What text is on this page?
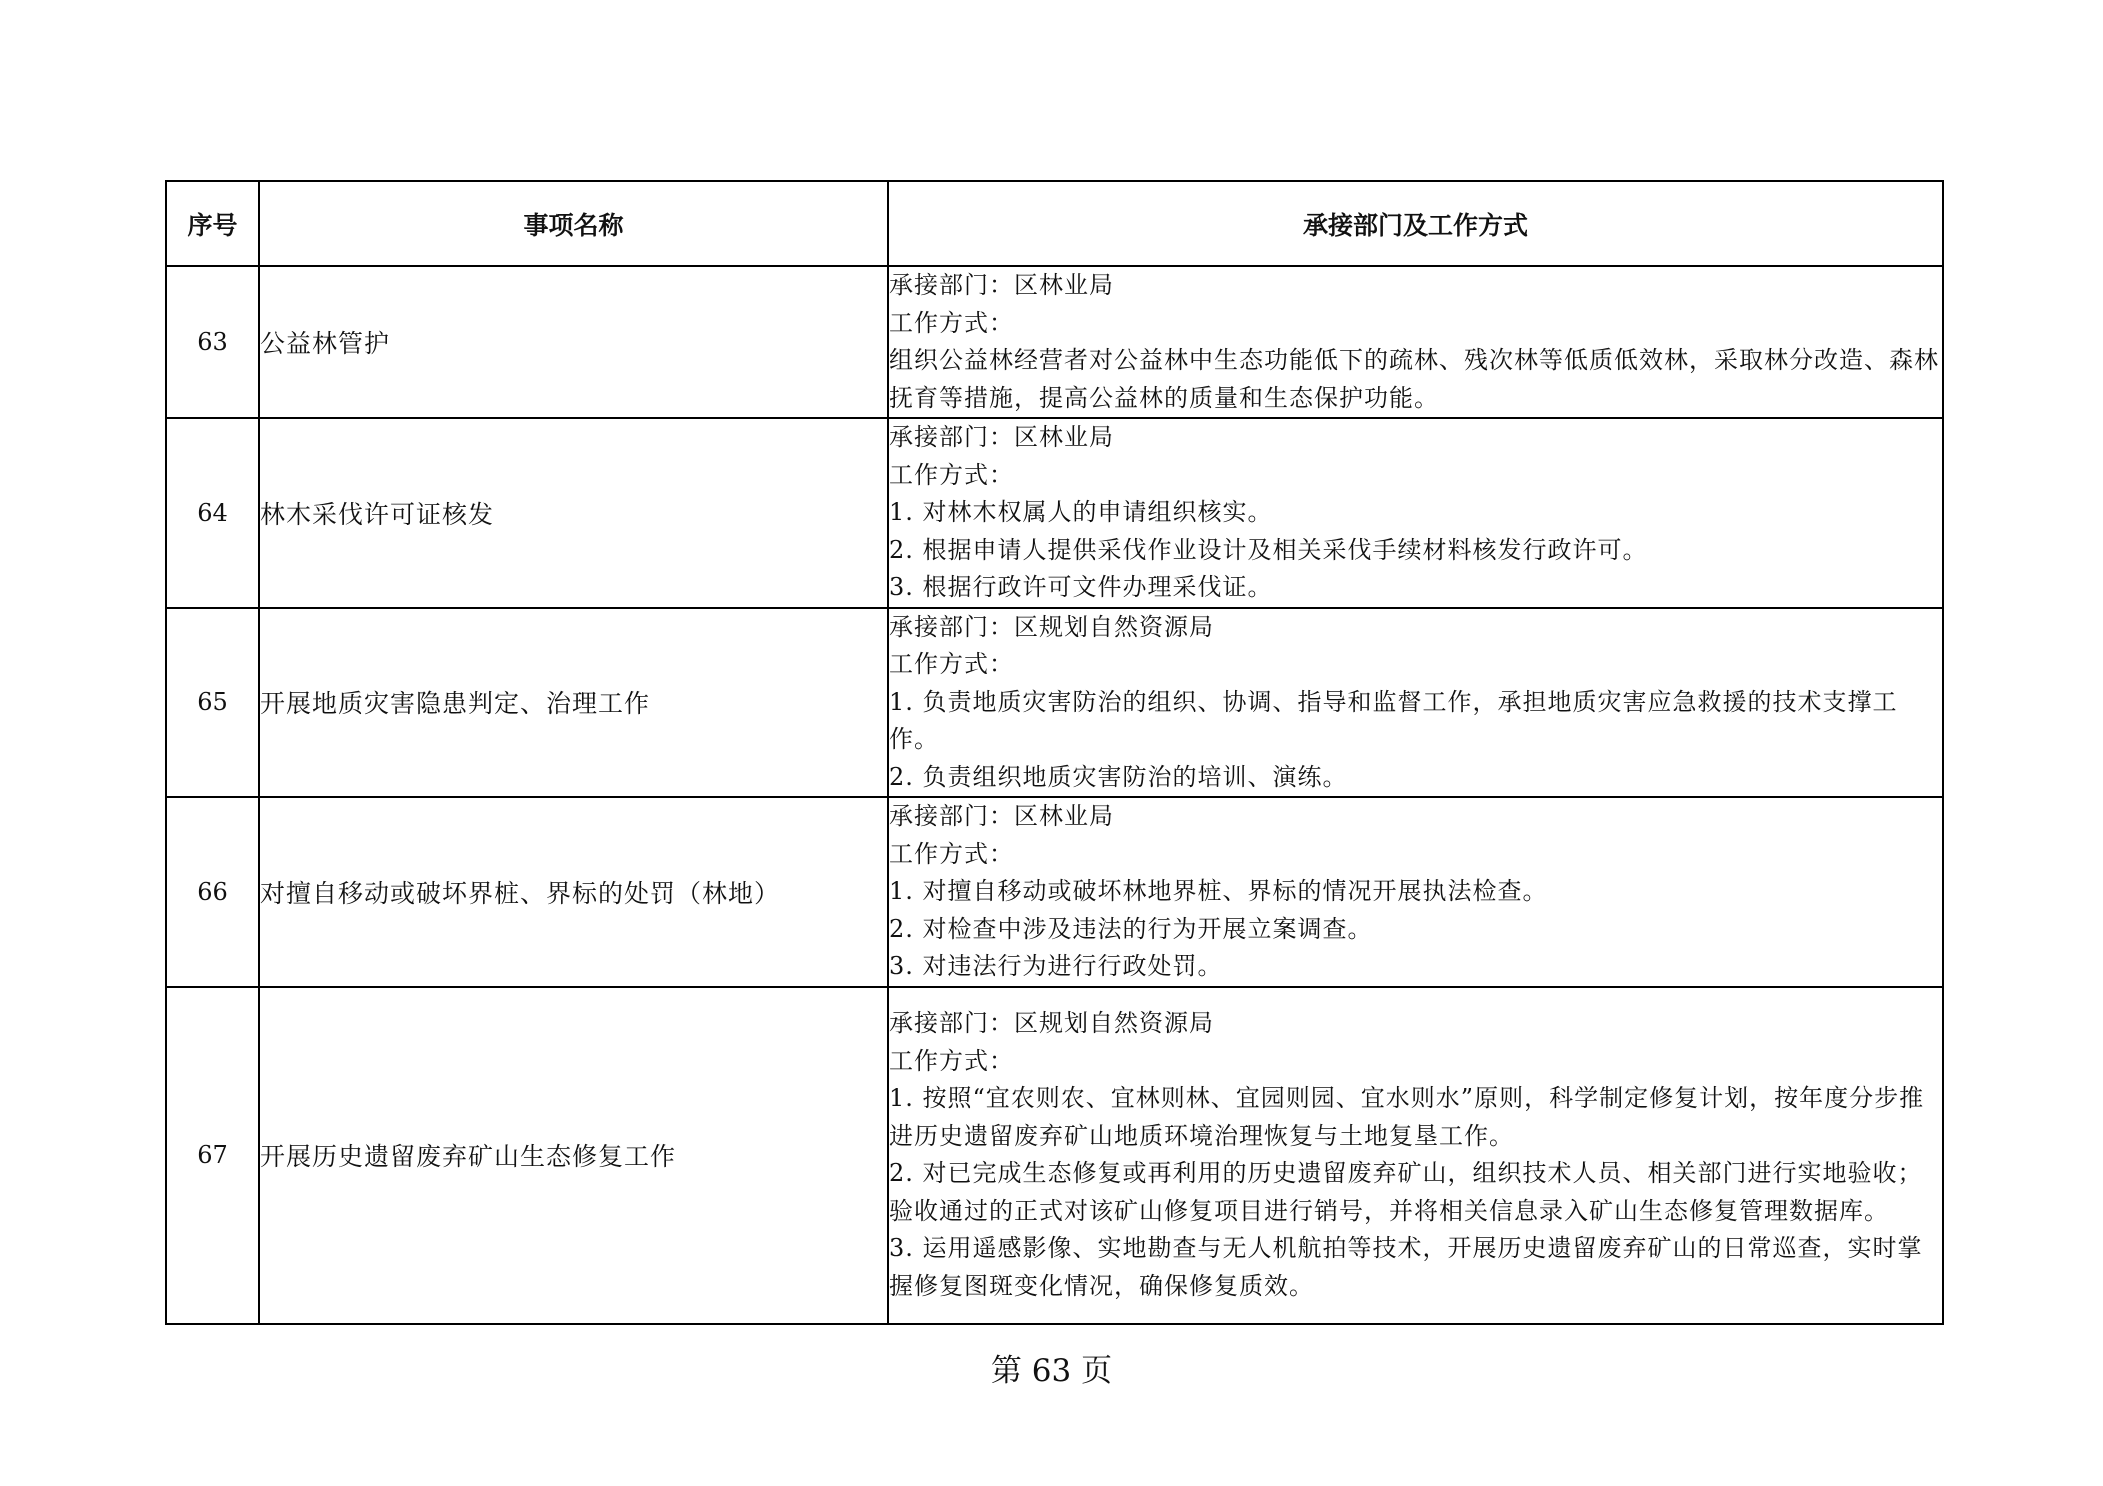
序号	事项名称	承接部门及工作方式
63	公益林管护	承接部门：区林业局
工作方式：
组织公益林经营者对公益林中生态功能低下的疏林、残次林等低质低效林，采取林分改造、森林抚育等措施，提高公益林的质量和生态保护功能。

64	林木采伐许可证核发	承接部门：区林业局
工作方式：
1. 对林木权属人的申请组织核实。
2. 根据申请人提供采伐作业设计及相关采伐手续材料核发行政许可。
3. 根据行政许可文件办理采伐证。

65	开展地质灾害隐患判定、治理工作	承接部门：区规划自然资源局
工作方式：
1. 负责地质灾害防治的组织、协调、指导和监督工作，承担地质灾害应急救援的技术支撑工作。
2. 负责组织地质灾害防治的培训、演练。

66	对擅自移动或破坏界桩、界标的处罚（林地）	承接部门：区林业局
工作方式：
1. 对擅自移动或破坏林地界桩、界标的情况开展执法检查。
2. 对检查中涉及违法的行为开展立案调查。
3. 对违法行为进行行政处罚。

67	开展历史遗留废弃矿山生态修复工作	承接部门：区规划自然资源局
工作方式：
1. 按照“宜农则农、宜林则林、宜园则园、宜水则水”原则，科学制定修复计划，按年度分步推进历史遗留废弃矿山地质环境治理恢复与土地复垦工作。
2. 对已完成生态修复或再利用的历史遗留废弃矿山，组织技术人员、相关部门进行实地验收；验收通过的正式对该矿山修复项目进行销号，并将相关信息录入矿山生态修复管理数据库。
3. 运用遥感影像、实地勘查与无人机航拍等技术，开展历史遗留废弃矿山的日常巡查，实时掌握修复图斑变化情况，确保修复质效。
第 63 页
